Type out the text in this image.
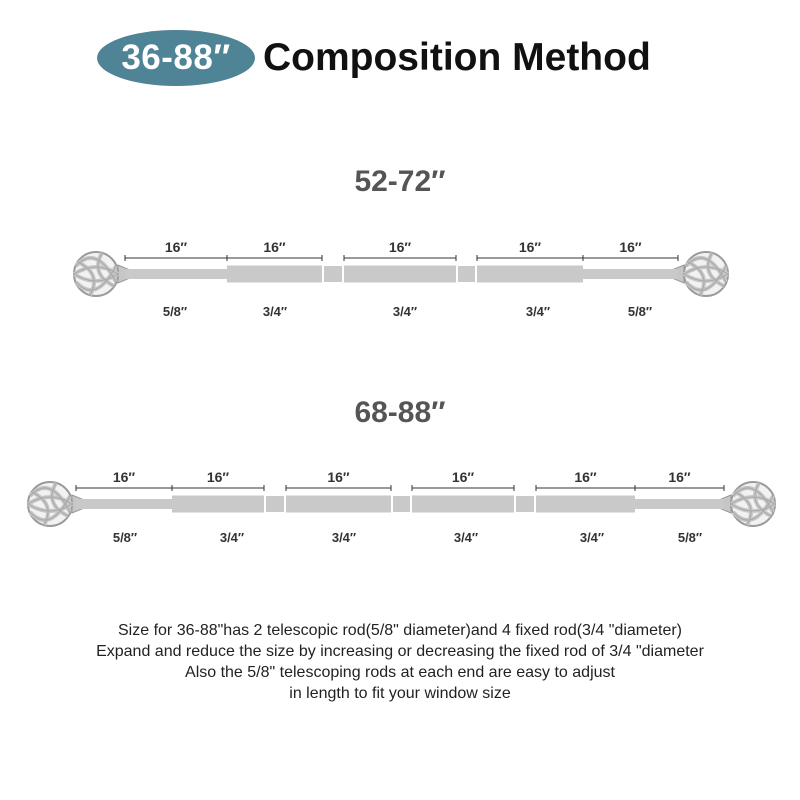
36-88″ Composition Method
52-72″
16″
5/8″
16″
3/4″
16″
3/4″
16″
3/4″
16″
5/8″
68-88″
16″
5/8″
16″
3/4″
16″
3/4″
16″
3/4″
16″
3/4″
16″
5/8″
Size for 36-88"has 2 telescopic rod(5/8" diameter)and 4 fixed rod(3/4 "diameter)
Expand and reduce the size by increasing or decreasing the fixed rod of 3/4 "diameter
Also the 5/8" telescoping rods at each end are easy to adjust
in length to fit your window size
